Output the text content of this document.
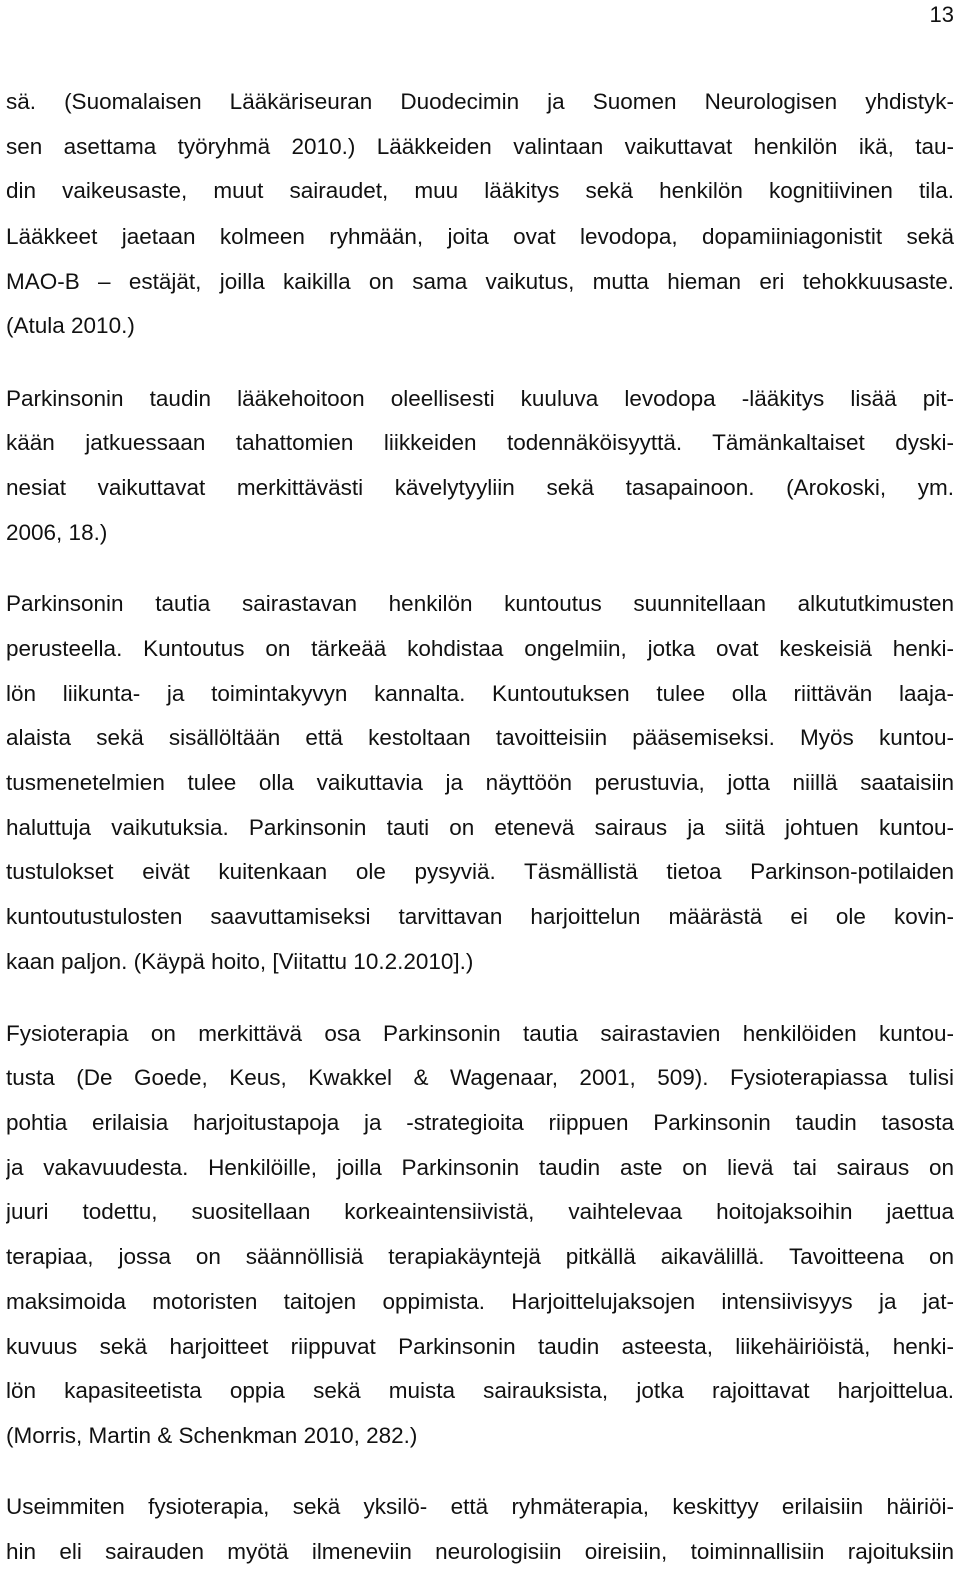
13
sä. (Suomalaisen Lääkäriseuran Duodecimin ja Suomen Neurologisen yhdistyk-
sen asettama työryhmä 2010.) Lääkkeiden valintaan vaikuttavat henkilön ikä, tau-
din vaikeusaste, muut sairaudet, muu lääkitys sekä henkilön kognitiivinen tila.
Lääkkeet jaetaan kolmeen ryhmään, joita ovat levodopa, dopamiiniagonistit sekä
MAO-B – estäjät, joilla kaikilla on sama vaikutus, mutta hieman eri tehokkuusaste.
(Atula 2010.)
Parkinsonin taudin lääkehoitoon oleellisesti kuuluva levodopa -lääkitys lisää pit-
kään jatkuessaan tahattomien liikkeiden todennäköisyyttä. Tämänkaltaiset dyski-
nesiat vaikuttavat merkittävästi kävelytyyliin sekä tasapainoon. (Arokoski, ym.
2006, 18.)
Parkinsonin tautia sairastavan henkilön kuntoutus suunnitellaan alkututkimusten
perusteella. Kuntoutus on tärkeää kohdistaa ongelmiin, jotka ovat keskeisiä henki-
lön liikunta- ja toimintakyvyn kannalta. Kuntoutuksen tulee olla riittävän laaja-
alaista sekä sisällöltään että kestoltaan tavoitteisiin pääsemiseksi. Myös kuntou-
tusmenetelmien tulee olla vaikuttavia ja näyttöön perustuvia, jotta niillä saataisiin
haluttuja vaikutuksia. Parkinsonin tauti on etenevä sairaus ja siitä johtuen kuntou-
tustulokset eivät kuitenkaan ole pysyviä. Täsmällistä tietoa Parkinson-potilaiden
kuntoutustulosten saavuttamiseksi tarvittavan harjoittelun määrästä ei ole kovin-
kaan paljon. (Käypä hoito, [Viitattu 10.2.2010].)
Fysioterapia on merkittävä osa Parkinsonin tautia sairastavien henkilöiden kuntou-
tusta (De Goede, Keus, Kwakkel & Wagenaar, 2001, 509). Fysioterapiassa tulisi
pohtia erilaisia harjoitustapoja ja -strategioita riippuen Parkinsonin taudin tasosta
ja vakavuudesta. Henkilöille, joilla Parkinsonin taudin aste on lievä tai sairaus on
juuri todettu, suositellaan korkeaintensiivistä, vaihtelevaa hoitojaksoihin jaettua
terapiaa, jossa on säännöllisiä terapiakäyntejä pitkällä aikavälillä. Tavoitteena on
maksimoida motoristen taitojen oppimista. Harjoittelujaksojen intensiivisyys ja jat-
kuvuus sekä harjoitteet riippuvat Parkinsonin taudin asteesta, liikehäiriöistä, henki-
lön kapasiteetista oppia sekä muista sairauksista, jotka rajoittavat harjoittelua.
(Morris, Martin & Schenkman 2010, 282.)
Useimmiten fysioterapia, sekä yksilö- että ryhmäterapia, keskittyy erilaisiin häiriöi-
hin eli sairauden myötä ilmeneviin neurologisiin oireisiin, toiminnallisiin rajoituksiin
